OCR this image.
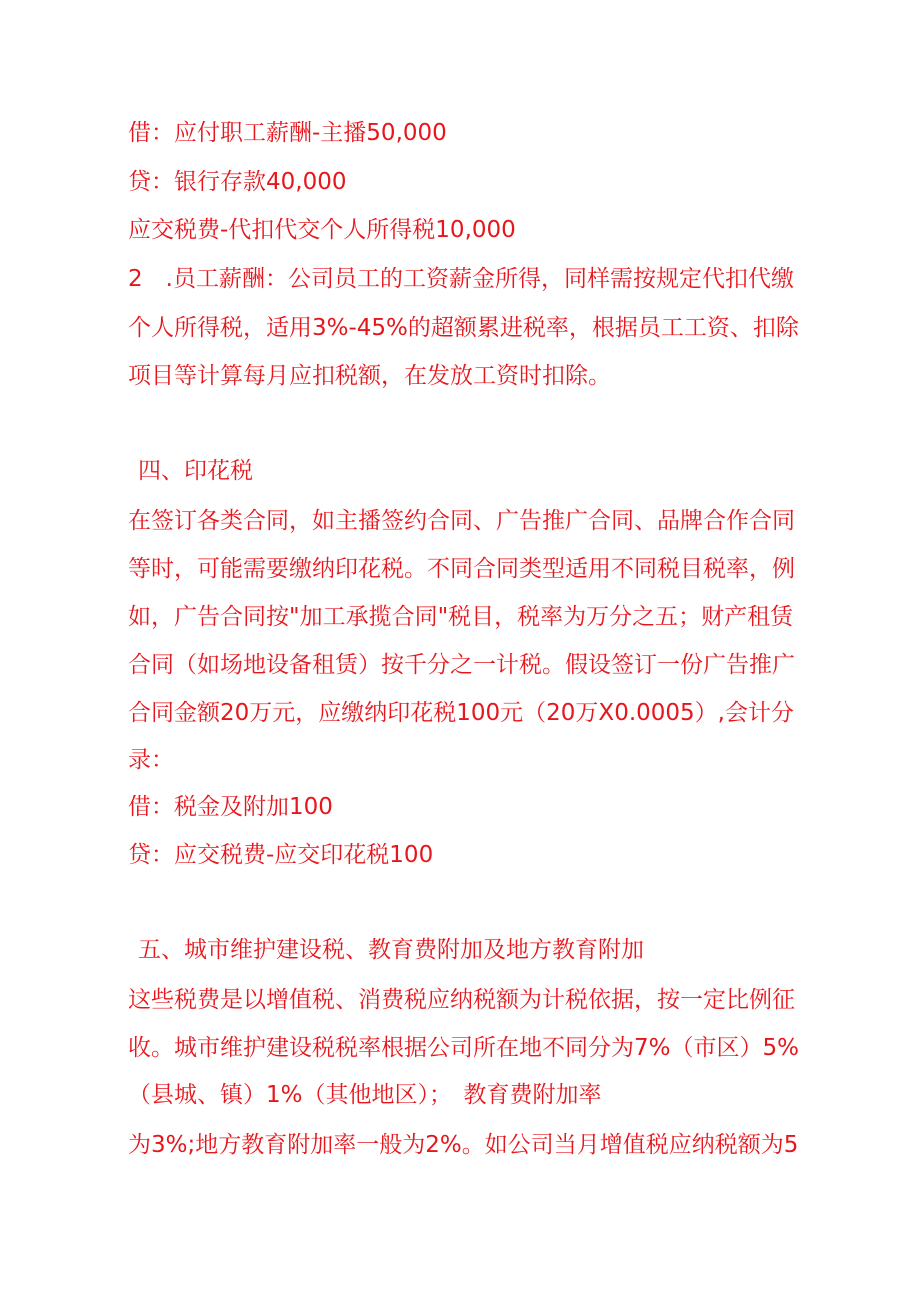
借：应付职工薪酬-主播50,000
贷：银行存款40,000
应交税费-代扣代交个人所得税10,000
2　.员工薪酬：公司员工的工资薪金所得，同样需按规定代扣代缴
个人所得税，适用3%-45%的超额累进税率，根据员工工资、扣除
项目等计算每月应扣税额，在发放工资时扣除。
四、印花税
在签订各类合同，如主播签约合同、广告推广合同、品牌合作合同
等时，可能需要缴纳印花税。不同合同类型适用不同税目税率，例
如，广告合同按"加工承揽合同"税目，税率为万分之五；财产租赁
合同（如场地设备租赁）按千分之一计税。假设签订一份广告推广
合同金额20万元，应缴纳印花税100元（20万X0.0005）,会计分
录：
借：税金及附加100
贷：应交税费-应交印花税100
五、城市维护建设税、教育费附加及地方教育附加
这些税费是以增值税、消费税应纳税额为计税依据，按一定比例征
收。城市维护建设税税率根据公司所在地不同分为7%（市区）5%
（县城、镇）1%（其他地区）； 教育费附加率
为3%;地方教育附加率一般为2%。如公司当月增值税应纳税额为5
